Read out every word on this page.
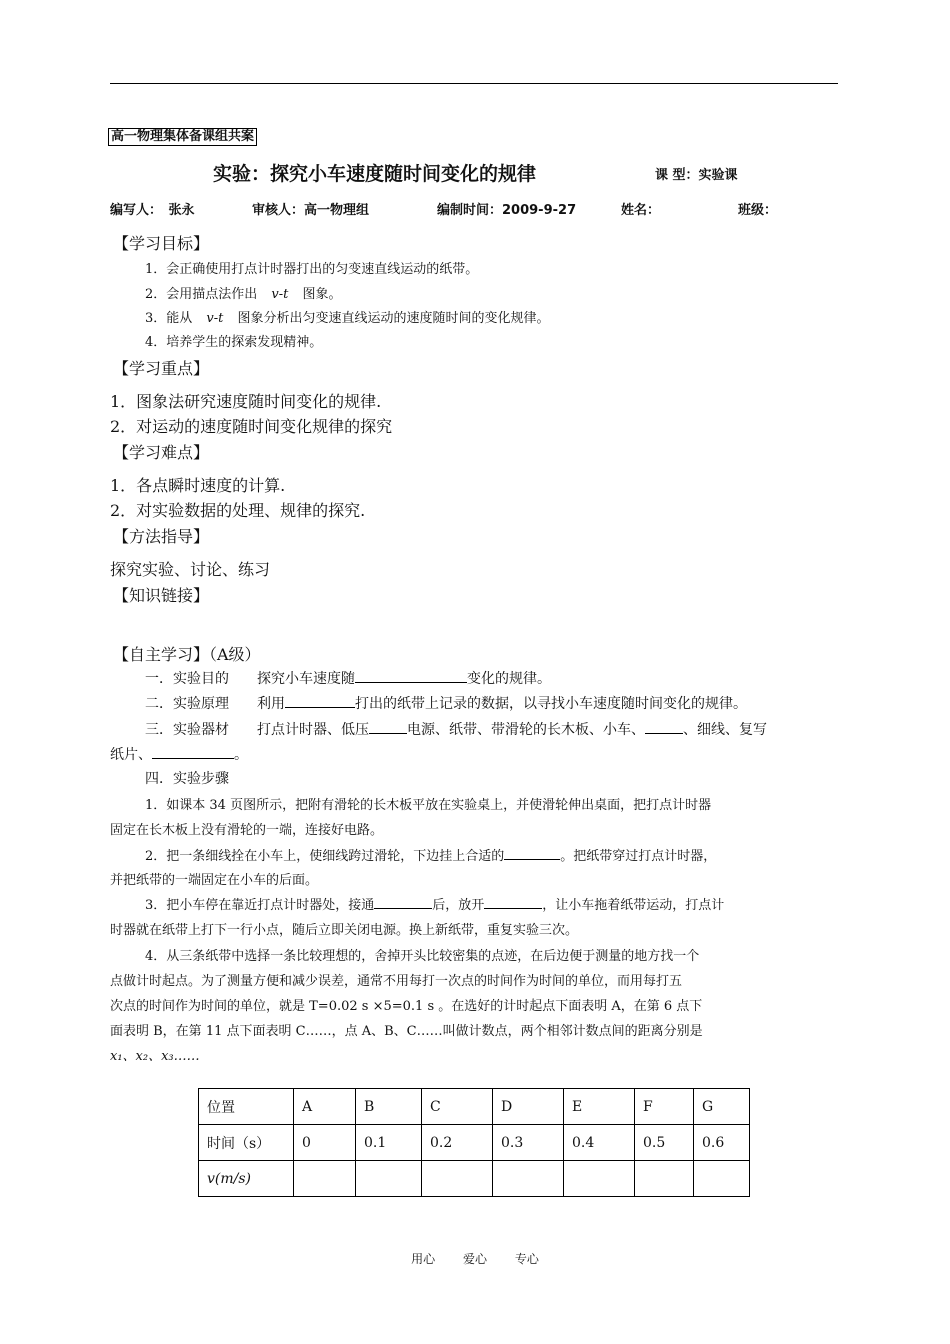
高一物理集体备课组共案
实验：探究小车速度随时间变化的规律	课 型：实验课
编写人：　张永	审核人：高一物理组	编制时间：2009-9-27	姓名：	班级：
【学习目标】
1．会正确使用打点计时器打出的匀变速直线运动的纸带。
2．会用描点法作出 v-t 图象。
3．能从 v-t 图象分析出匀变速直线运动的速度随时间的变化规律。
4．培养学生的探索发现精神。
【学习重点】
1．图象法研究速度随时间变化的规律.
2．对运动的速度随时间变化规律的探究
【学习难点】
1．各点瞬时速度的计算.
2．对实验数据的处理、规律的探究.
【方法指导】
探究实验、讨论、练习
【知识链接】
【自主学习】（A级）
一．实验目的　　探究小车速度随	变化的规律。
二．实验原理　　利用	打出的纸带上记录的数据，以寻找小车速度随时间变化的规律。
三．实验器材　　打点计时器、低压	电源、纸带、带滑轮的长木板、小车、	、细线、复写
纸片、	。
四．实验步骤
1．如课本 34 页图所示，把附有滑轮的长木板平放在实验桌上，并使滑轮伸出桌面，把打点计时器
固定在长木板上没有滑轮的一端，连接好电路。
2．把一条细线拴在小车上，使细线跨过滑轮，下边挂上合适的	。把纸带穿过打点计时器，
并把纸带的一端固定在小车的后面。
3．把小车停在靠近打点计时器处，接通	后，放开	，让小车拖着纸带运动，打点计
时器就在纸带上打下一行小点，随后立即关闭电源。换上新纸带，重复实验三次。
4．从三条纸带中选择一条比较理想的，舍掉开头比较密集的点迹，在后边便于测量的地方找一个
点做计时起点。为了测量方便和减少误差，通常不用每打一次点的时间作为时间的单位，而用每打五
次点的时间作为时间的单位，就是 T=0.02 s ×5=0.1 s 。在选好的计时起点下面表明 A，在第 6 点下
面表明 B，在第 11 点下面表明 C……，点 A、B、C……叫做计数点，两个相邻计数点间的距离分别是
x₁、x₂、x₃……
位置	A	B	C	D	E	F	G
时间（s）	0	0.1	0.2	0.3	0.4	0.5	0.6
v(m/s)							
用心 爱心 专心
